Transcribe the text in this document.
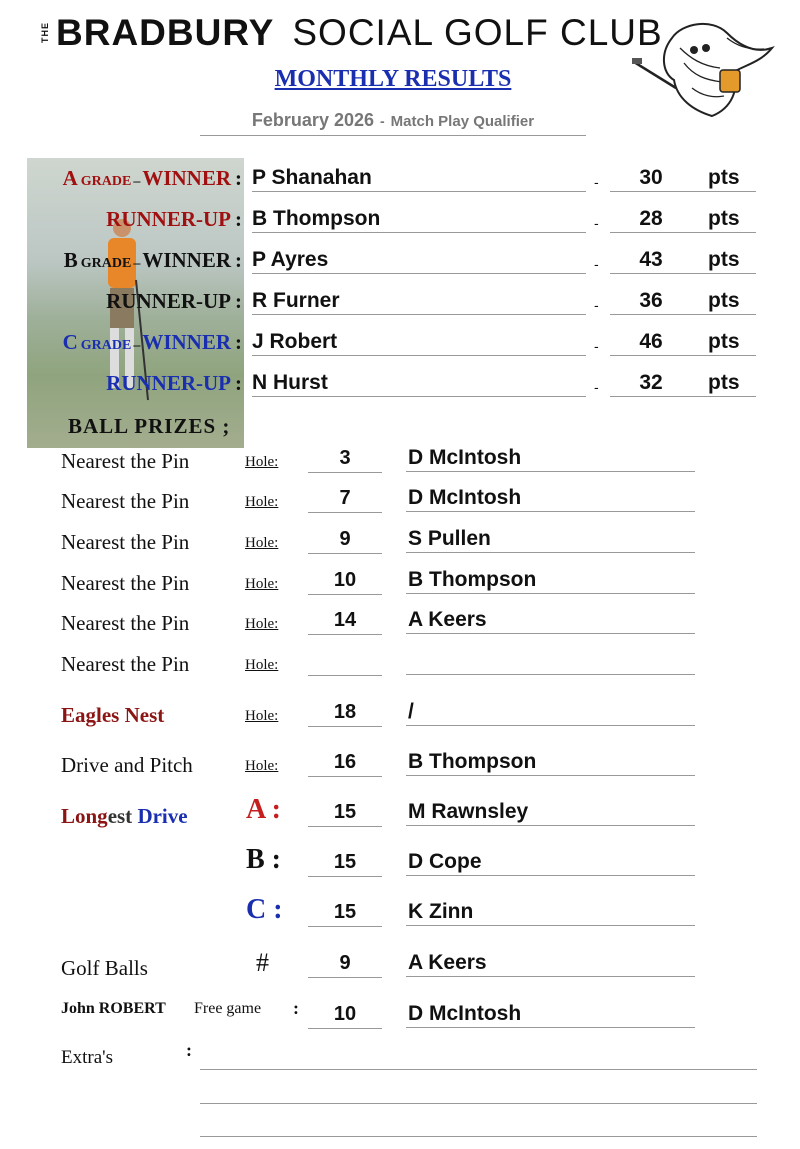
THE BRADBURY SOCIAL GOLF CLUB
MONTHLY RESULTS
February 2026 - Match Play Qualifier
AGRADE –WINNER : P Shanahan	-	30	pts
RUNNER-UP : B Thompson	-	28	pts
BGRADE –WINNER : P Ayres	-	43	pts
RUNNER-UP : R Furner	-	36	pts
CGRADE –WINNER : J Robert	-	46	pts
RUNNER-UP : N Hurst	-	32	pts
BALL PRIZES ;
Nearest the Pin	Hole:	3	D McIntosh
Nearest the Pin	Hole:	7	D McIntosh
Nearest the Pin	Hole:	9	S Pullen
Nearest the Pin	Hole:	10	B Thompson
Nearest the Pin	Hole:	14	A Keers
Nearest the Pin	Hole:
Eagles Nest	Hole:	18	/
Drive and Pitch	Hole:	16	B Thompson
Longest Drive A :	15	M Rawnsley
B :	15	D Cope
C :	15	K Zinn
Golf Balls	#	9	A Keers
John ROBERT Free game :	10	D McIntosh
Extra's	:
